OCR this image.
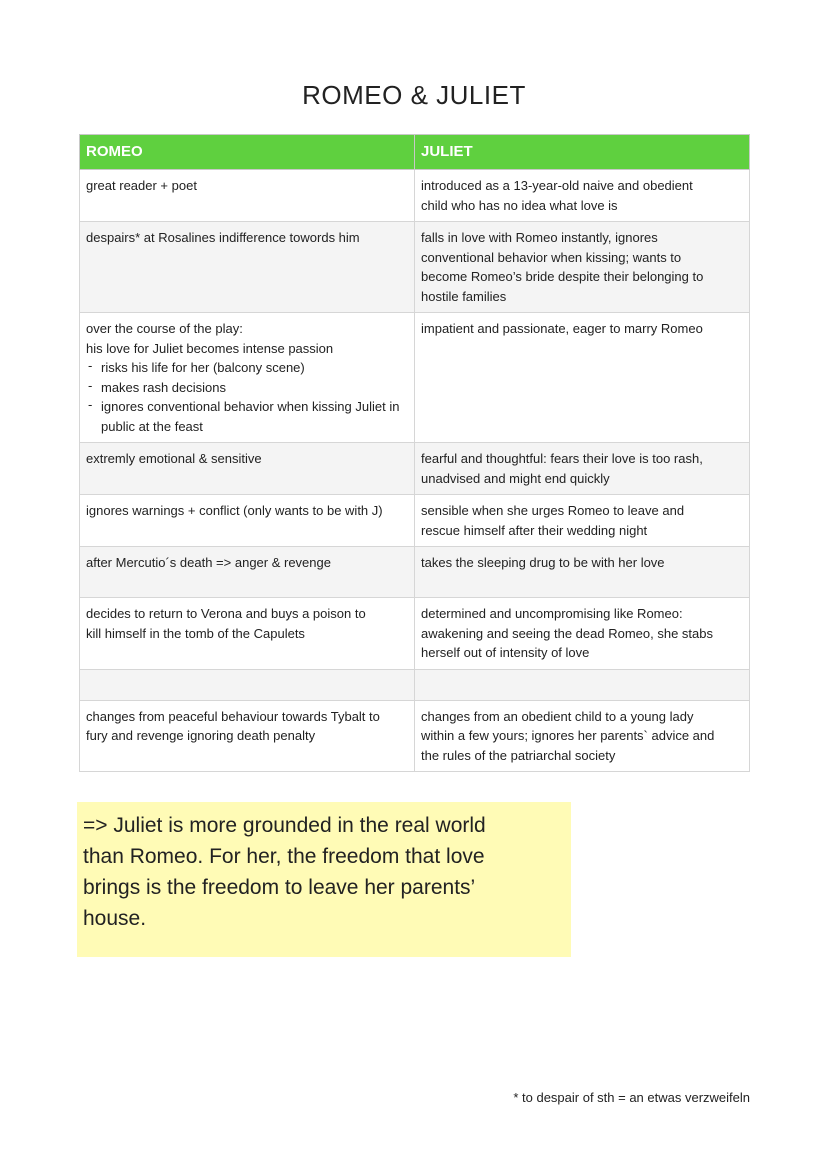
ROMEO & JULIET
ROMEO	JULIET

great reader + poet	introduced as a 13-year-old naive and obedient
child who has no idea what love is

despairs* at Rosalines indifference towords him	falls in love with Romeo instantly, ignores
conventional behavior when kissing; wants to
become Romeo’s bride despite their belonging to
hostile families

over the course of the play:
his love for Juliet becomes intense passion
- risks his life for her (balcony scene)
- makes rash decisions
- ignores conventional behavior when kissing Juliet in public at the feast	impatient and passionate, eager to marry Romeo

extremly emotional & sensitive	fearful and thoughtful: fears their love is too rash,
unadvised and might end quickly

ignores warnings + conflict (only wants to be with J)	sensible when she urges Romeo to leave and
rescue himself after their wedding night

after Mercutio´s death => anger & revenge	takes the sleeping drug to be with her love

decides to return to Verona and buys a poison to
kill himself in the tomb of the Capulets	determined and uncompromising like Romeo:
awakening and seeing the dead Romeo, she stabs
herself out of intensity of love

changes from peaceful behaviour towards Tybalt to
fury and revenge ignoring death penalty	changes from an obedient child to a young lady
within a few yours; ignores her parents` advice and
the rules of the patriarchal society
=> Juliet is more grounded in the real world
than Romeo. For her, the freedom that love
brings is the freedom to leave her parents’
house.
* to despair of sth = an etwas verzweifeln
